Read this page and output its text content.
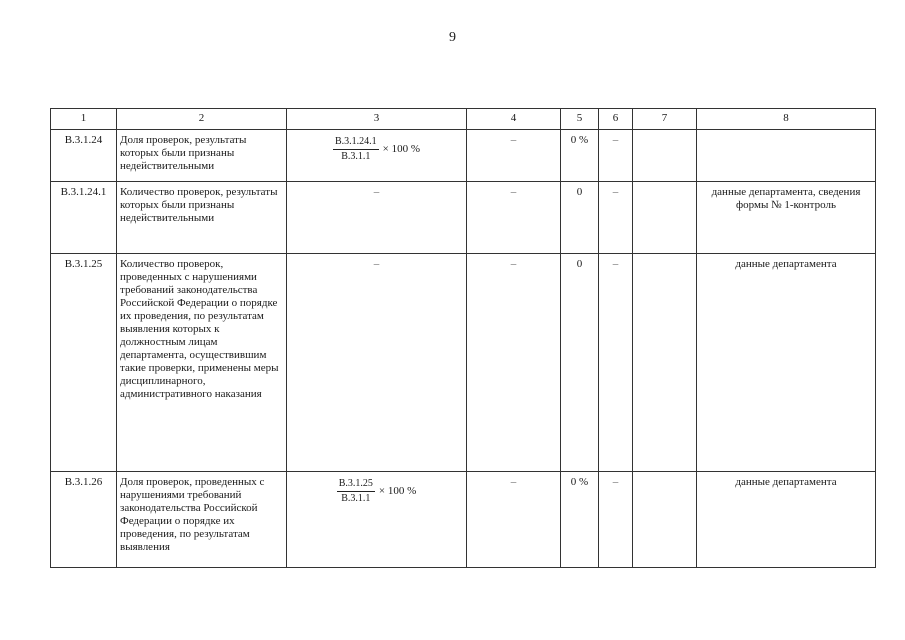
9
1	2	3	4	5	6	7	8
В.3.1.24	Доля проверок, результаты которых были признаны недействительными	$\frac{В.3.1.24.1}{В.3.1.1} \times 100$ %	–	0 %	–		
В.3.1.24.1	Количество проверок, результаты которых были признаны недействительными	–	–	0	–		данные департамента, сведения формы № 1-контроль
В.3.1.25	Количество проверок, проведенных с нарушениями требований законодательства Российской Федерации о порядке их проведения, по результатам выявления которых к должностным лицам департамента, осуществившим такие проверки, применены меры дисциплинарного, административного наказания	–	–	0	–		данные департамента
В.3.1.26	Доля проверок, проведенных с нарушениями требований законодательства Российской Федерации о порядке их проведения, по результатам выявления	$\frac{В.3.1.25}{В.3.1.1} \times 100$ %	–	0 %	–		данные департамента
